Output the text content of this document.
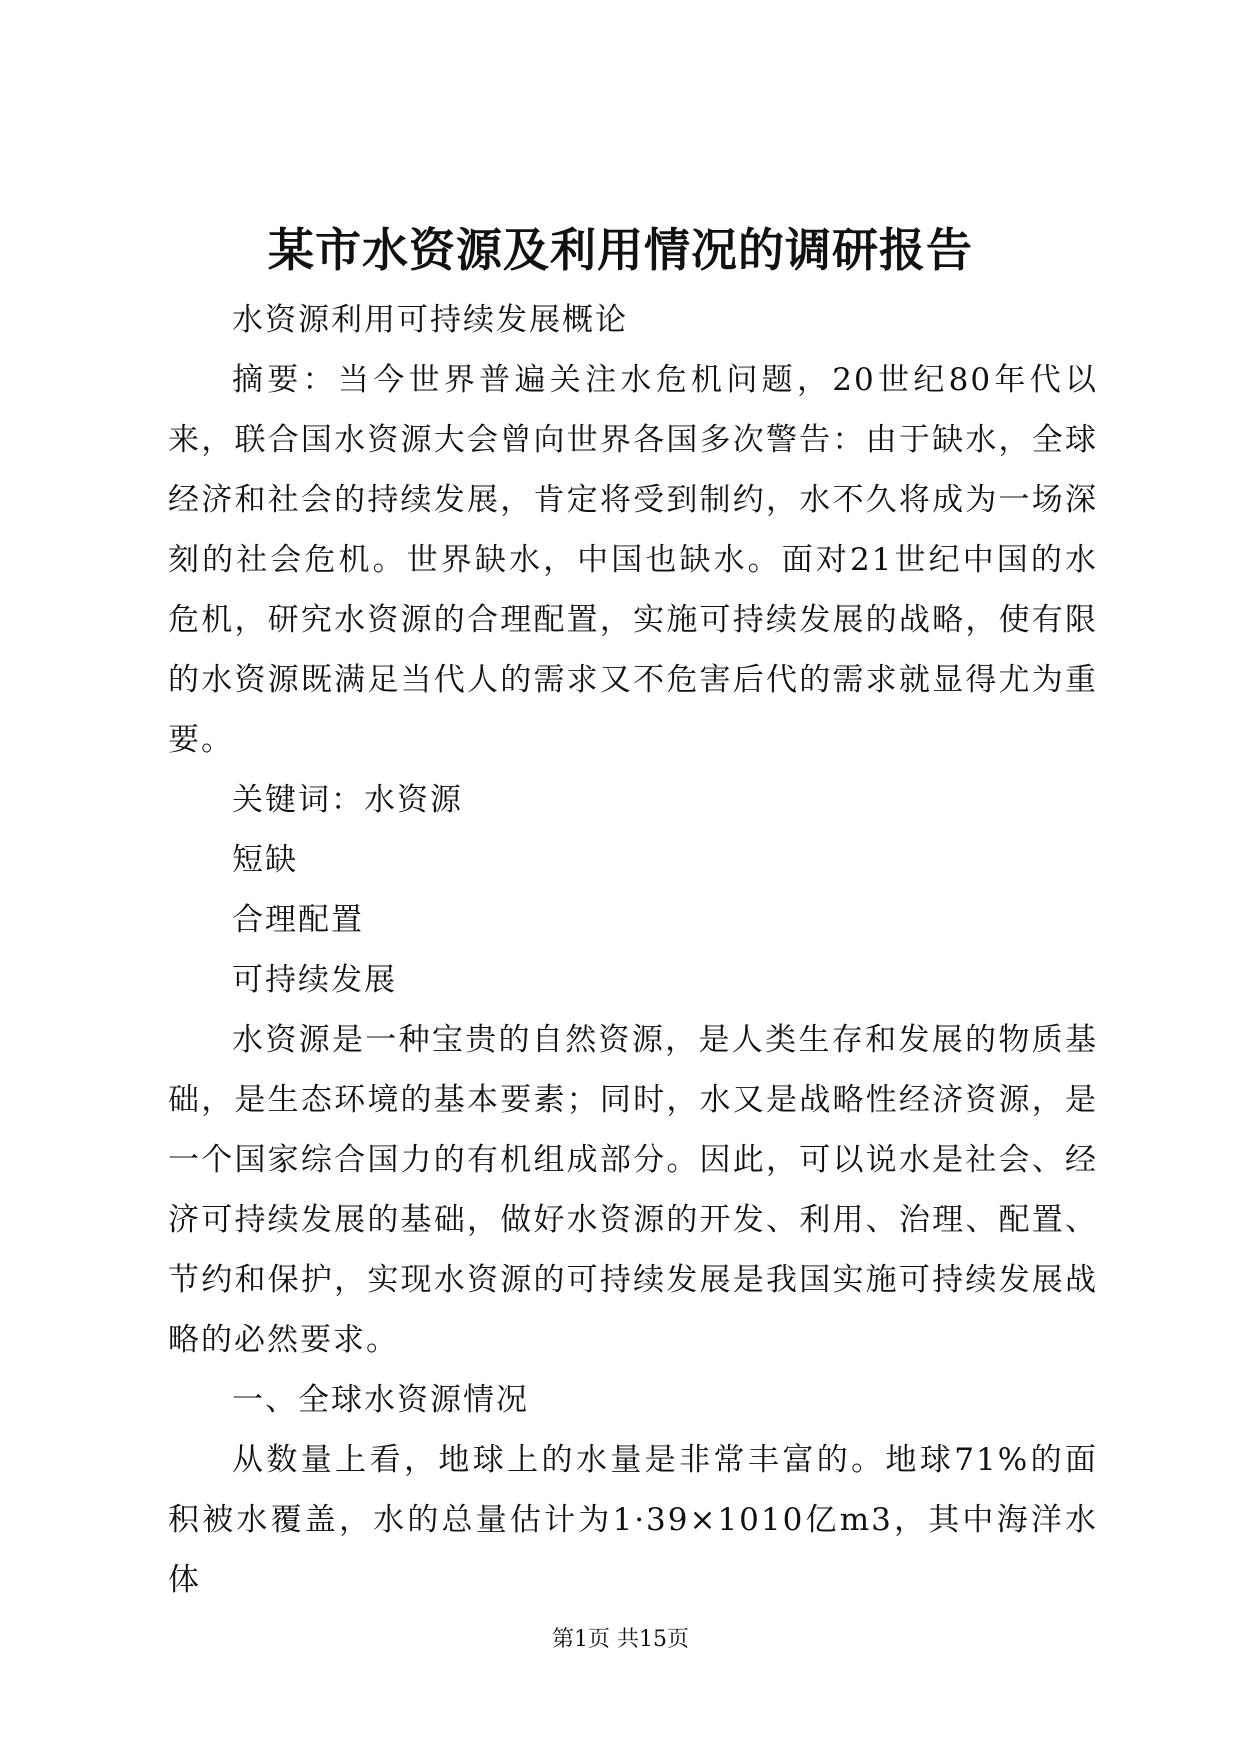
某市水资源及利用情况的调研报告

水资源利用可持续发展概论

摘要：当今世界普遍关注水危机问题，20世纪80年代以来，联合国水资源大会曾向世界各国多次警告：由于缺水，全球经济和社会的持续发展，肯定将受到制约，水不久将成为一场深刻的社会危机。世界缺水，中国也缺水。面对21世纪中国的水危机，研究水资源的合理配置，实施可持续发展的战略，使有限的水资源既满足当代人的需求又不危害后代的需求就显得尤为重要。

关键词：水资源

短缺

合理配置

可持续发展

水资源是一种宝贵的自然资源，是人类生存和发展的物质基础，是生态环境的基本要素；同时，水又是战略性经济资源，是一个国家综合国力的有机组成部分。因此，可以说水是社会、经济可持续发展的基础，做好水资源的开发、利用、治理、配置、节约和保护，实现水资源的可持续发展是我国实施可持续发展战略的必然要求。

一、全球水资源情况

从数量上看，地球上的水量是非常丰富的。地球71%的面积被水覆盖，水的总量估计为1·39×1010亿m3，其中海洋水体

第1页 共15页
